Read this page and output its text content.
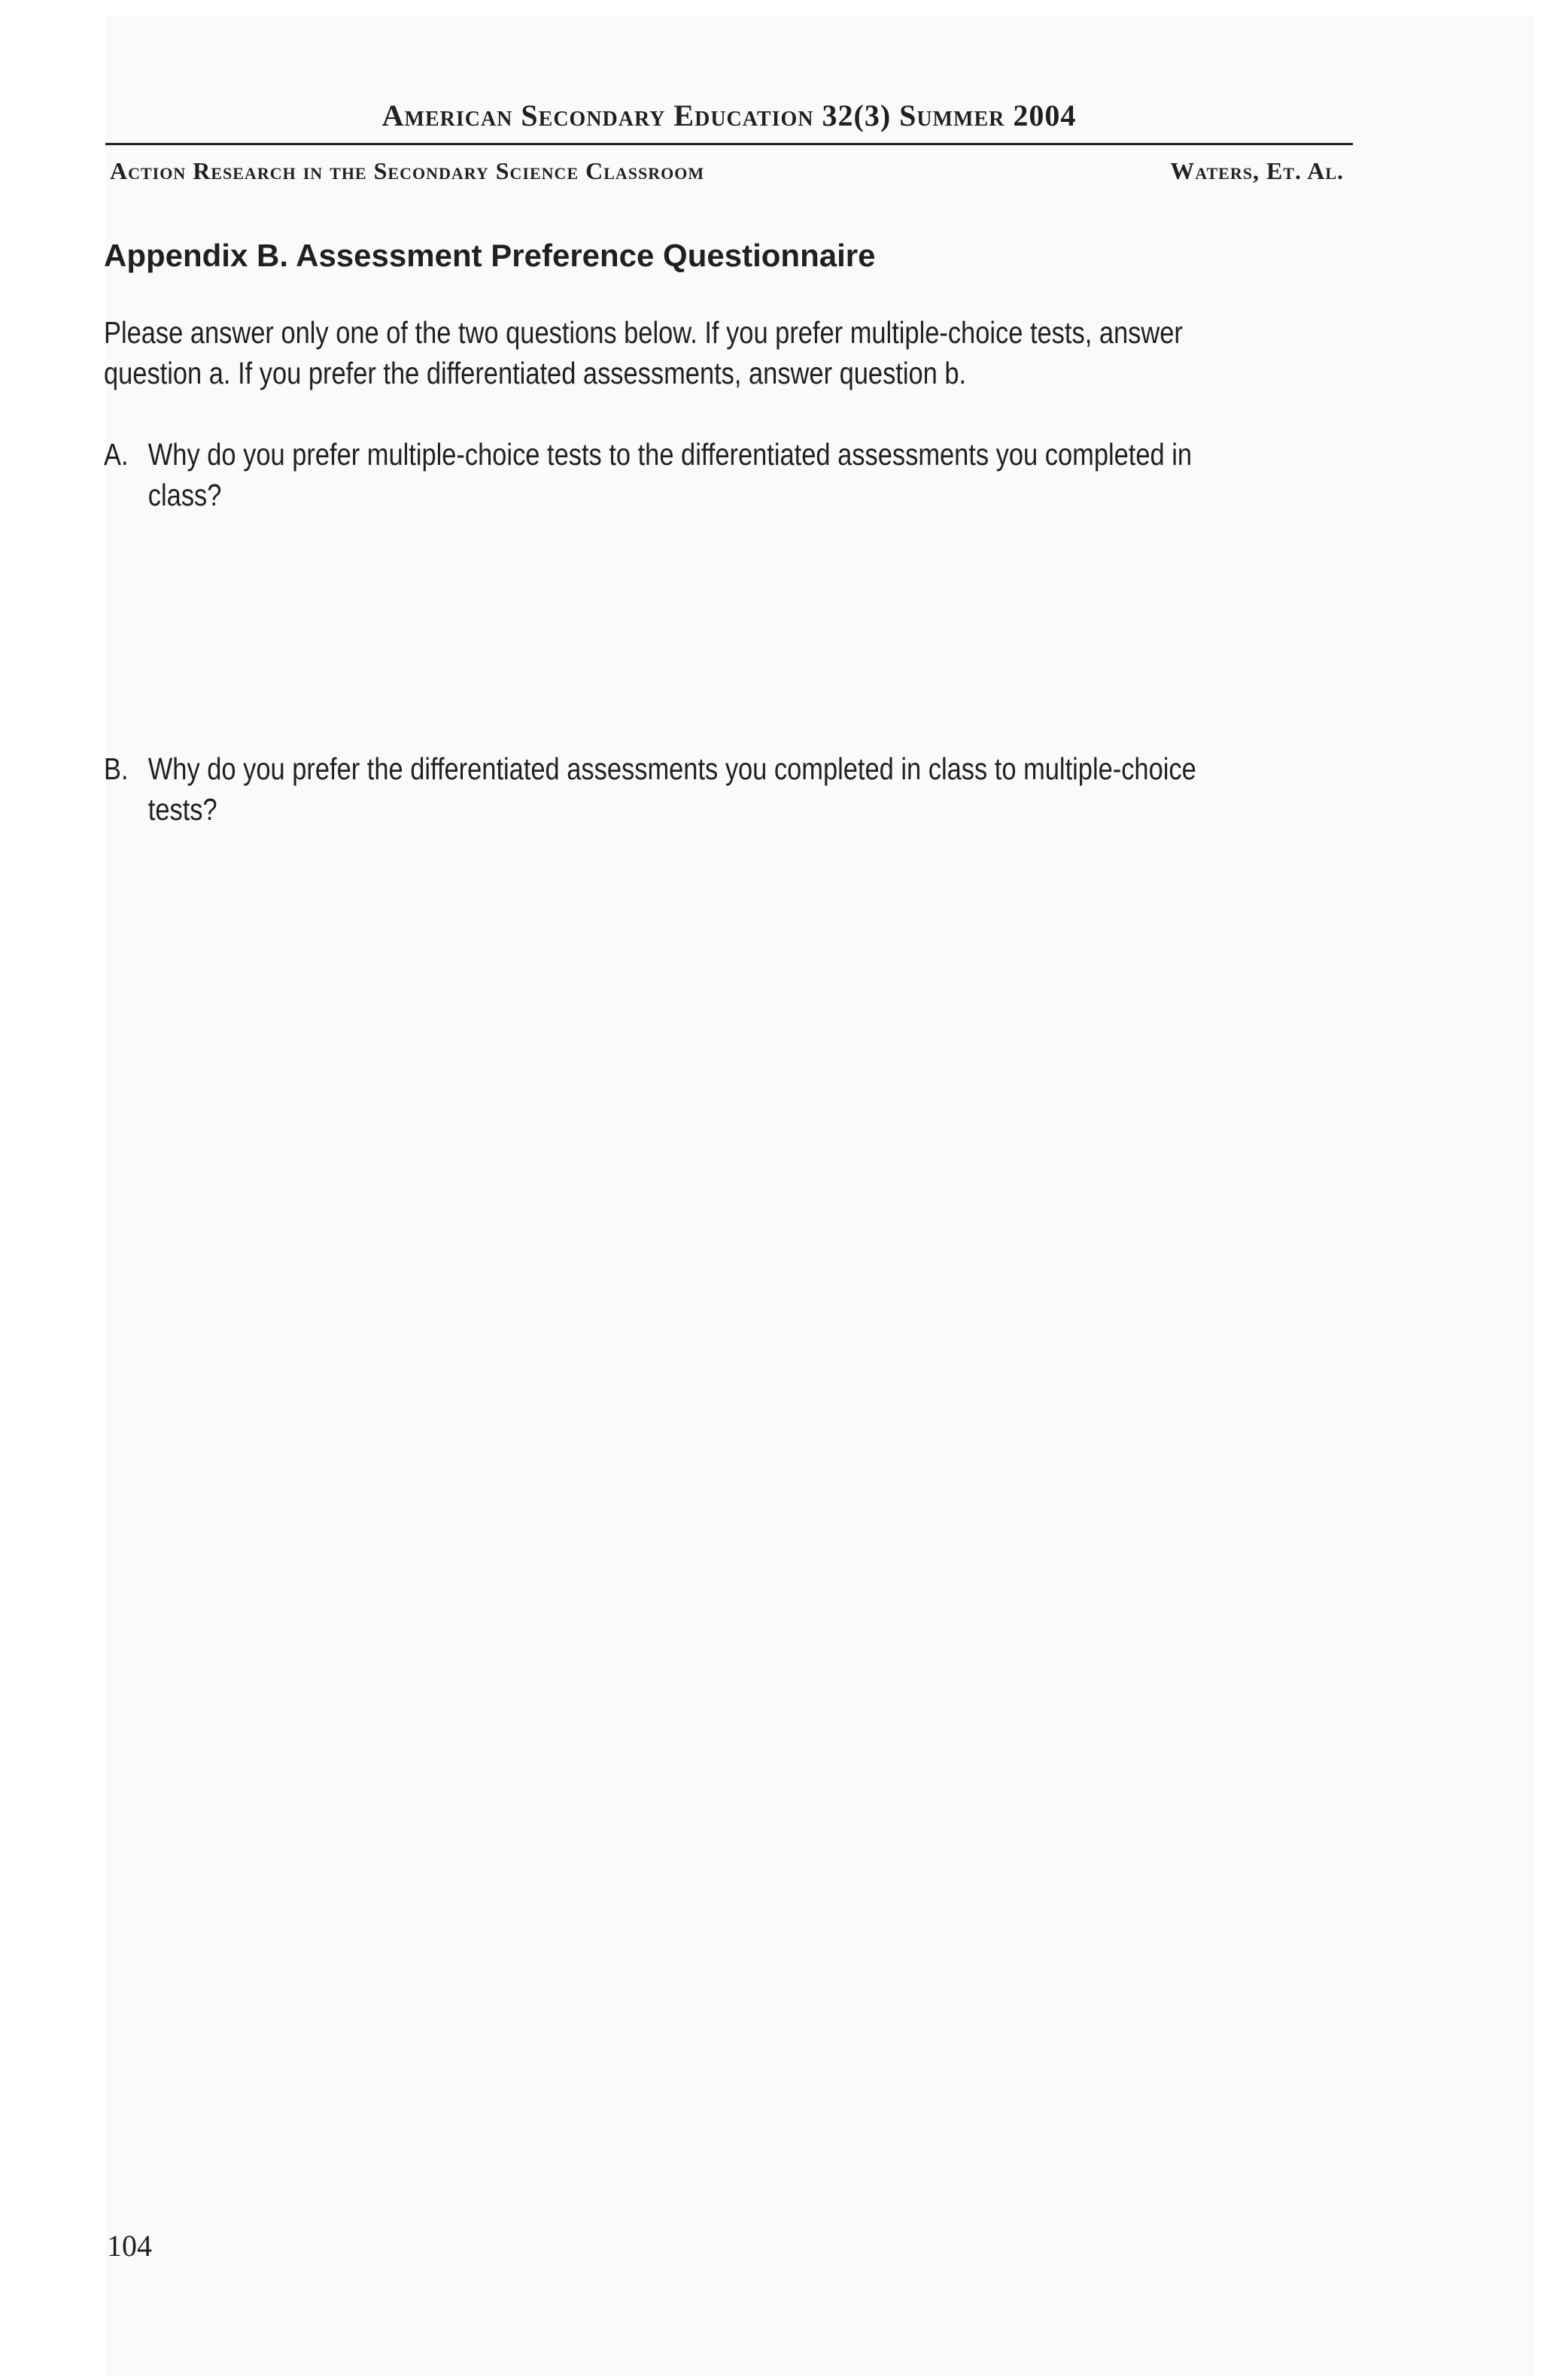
American Secondary Education 32(3) Summer 2004
Action Research in the Secondary Science Classroom	Waters, Et. Al.
Appendix B. Assessment Preference Questionnaire

Please answer only one of the two questions below. If you prefer multiple-choice tests, answer
question a. If you prefer the differentiated assessments, answer question b.

A. Why do you prefer multiple-choice tests to the differentiated assessments you completed in
class?
B. Why do you prefer the differentiated assessments you completed in class to multiple-choice
tests?
104
